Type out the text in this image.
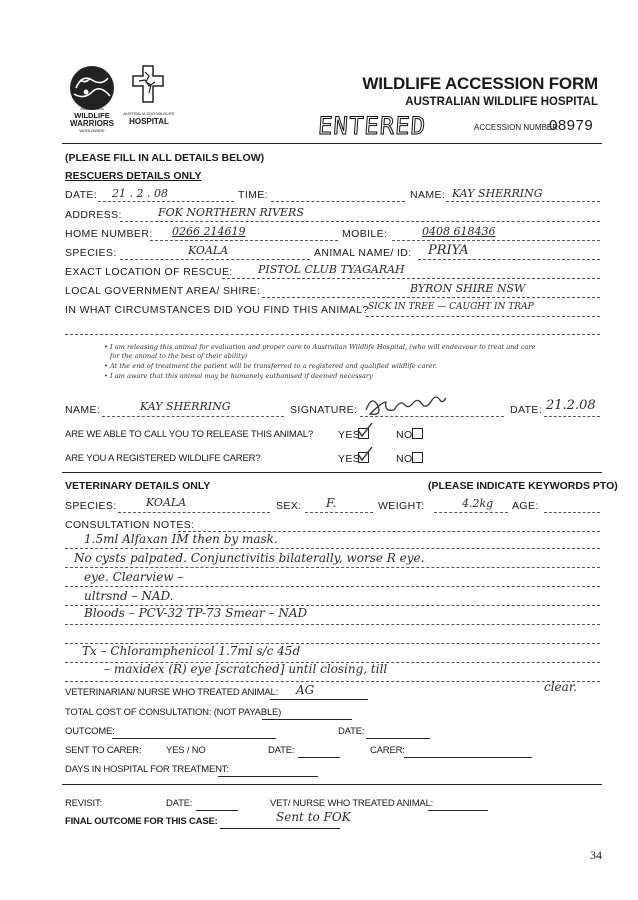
Australia Zoo
WILDLIFE
WARRIORS
WORLDWIDE
AUSTRALIA ZOO WILDLIFE
HOSPITAL
WILDLIFE ACCESSION FORM
AUSTRALIAN WILDLIFE HOSPITAL
ENTERED	ACCESSION NUMBER
08979
(PLEASE FILL IN ALL DETAILS BELOW)
RESCUERS DETAILS ONLY
DATE: 21 . 2 . 08	TIME:	NAME: KAY SHERRING
ADDRESS:	FOK NORTHERN RIVERS
HOME NUMBER: 0266 214619	MOBILE:	0408 618436
SPECIES:	KOALA	ANIMAL NAME/ ID: PRIYA
EXACT LOCATION OF RESCUE: PISTOL CLUB TYAGARAH
LOCAL GOVERNMENT AREA/ SHIRE:	BYRON SHIRE NSW
IN WHAT CIRCUMSTANCES DID YOU FIND THIS ANIMAL? SICK IN TREE — CAUGHT IN TRAP
• I am releasing this animal for evaluation and proper care to Australian Wildlife Hospital, (who will endeavour to treat and care
for the animal to the best of their ability)
• At the end of treatment the patient will be transferred to a registered and qualified wildlife carer.
• I am aware that this animal may be humanely euthanised if deemed necessary
NAME:	KAY SHERRING	SIGNATURE:	DATE: 21.2.08
ARE WE ABLE TO CALL YOU TO RELEASE THIS ANIMAL? YES	NO
ARE YOU A REGISTERED WILDLIFE CARER?	YES	NO
VETERINARY DETAILS ONLY	(PLEASE INDICATE KEYWORDS PTO)
SPECIES:	KOALA	SEX: F.	WEIGHT:	4.2kg AGE:
CONSULTATION NOTES:
1.5ml Alfaxan IM then by mask.
No cysts palpated. Conjunctivitis bilaterally, worse R eye.
eye. Clearview –
ultrsnd – NAD.
Bloods – PCV-32 TP-73 Smear – NAD
Tx – Chloramphenicol 1.7ml s/c 45d
– maxidex (R) eye [scratched] until closing, till
clear.
VETERINARIAN/ NURSE WHO TREATED ANIMAL: AG
TOTAL COST OF CONSULTATION: (NOT PAYABLE)
OUTCOME:	DATE:
SENT TO CARER:	YES / NO	DATE:	CARER:
DAYS IN HOSPITAL FOR TREATMENT:
REVISIT:	DATE:	VET/ NURSE WHO TREATED ANIMAL:
FINAL OUTCOME FOR THIS CASE:	Sent to FOK
34
